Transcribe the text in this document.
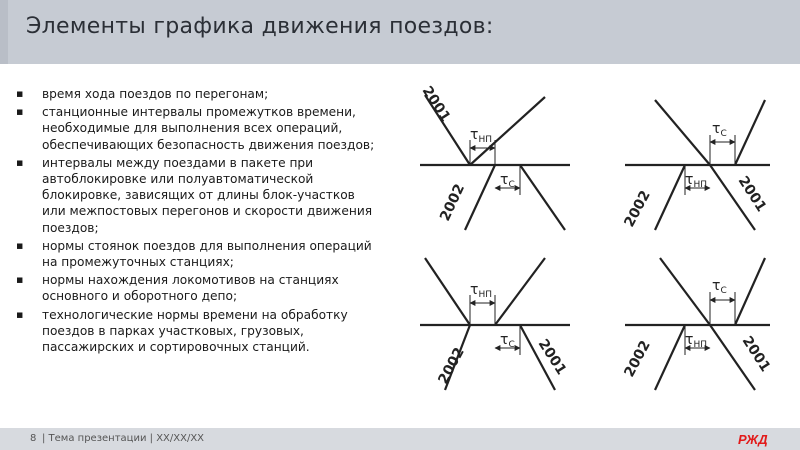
Элементы графика движения поездов:
▪ время хода поездов по перегонам;
▪ станционные интервалы промежутков времени, необходимые для выполнения всех операций, обеспечивающих безопасность движения поездов;
▪ интервалы между поездами в пакете при автоблокировке или полуавтоматической блокировке, зависящих от длины блок-участков или межпостовых перегонов и скорости движения поездов;
▪ нормы стоянок поездов для выполнения операций на промежуточных станциях;
▪ нормы нахождения локомотивов на станциях основного и оборотного депо;
▪ технологические нормы времени на обработку поездов в парках участковых, грузовых, пассажирских и сортировочных станций.
2001
2002
$\tau_{НП}$
$\tau_С$
2002	2001
$\tau_С$
$\tau_{НП}$
2002	2001
$\tau_{НП}$
$\tau_С$	2002	2001
$\tau_С$
$\tau_{НП}$
8 | Тема презентации | XX/XX/XX	РЖД
